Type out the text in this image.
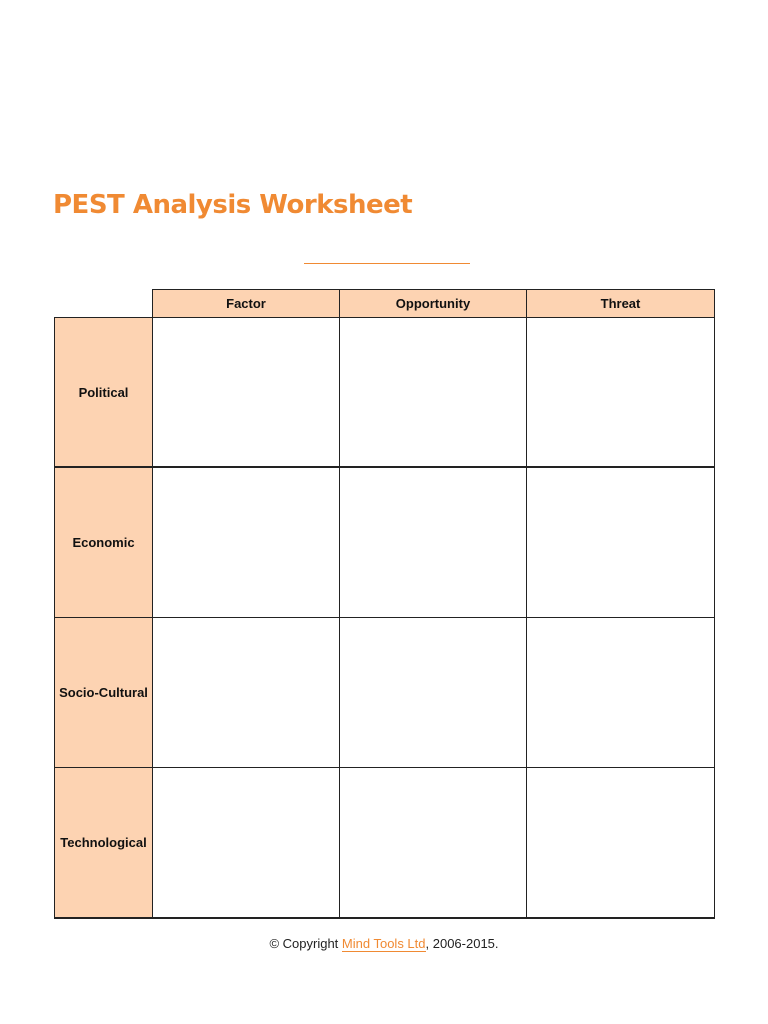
PEST Analysis Worksheet
Factor	Opportunity	Threat
Political
Economic
Socio-Cultural
Technological
© Copyright Mind Tools Ltd, 2006-2015.
